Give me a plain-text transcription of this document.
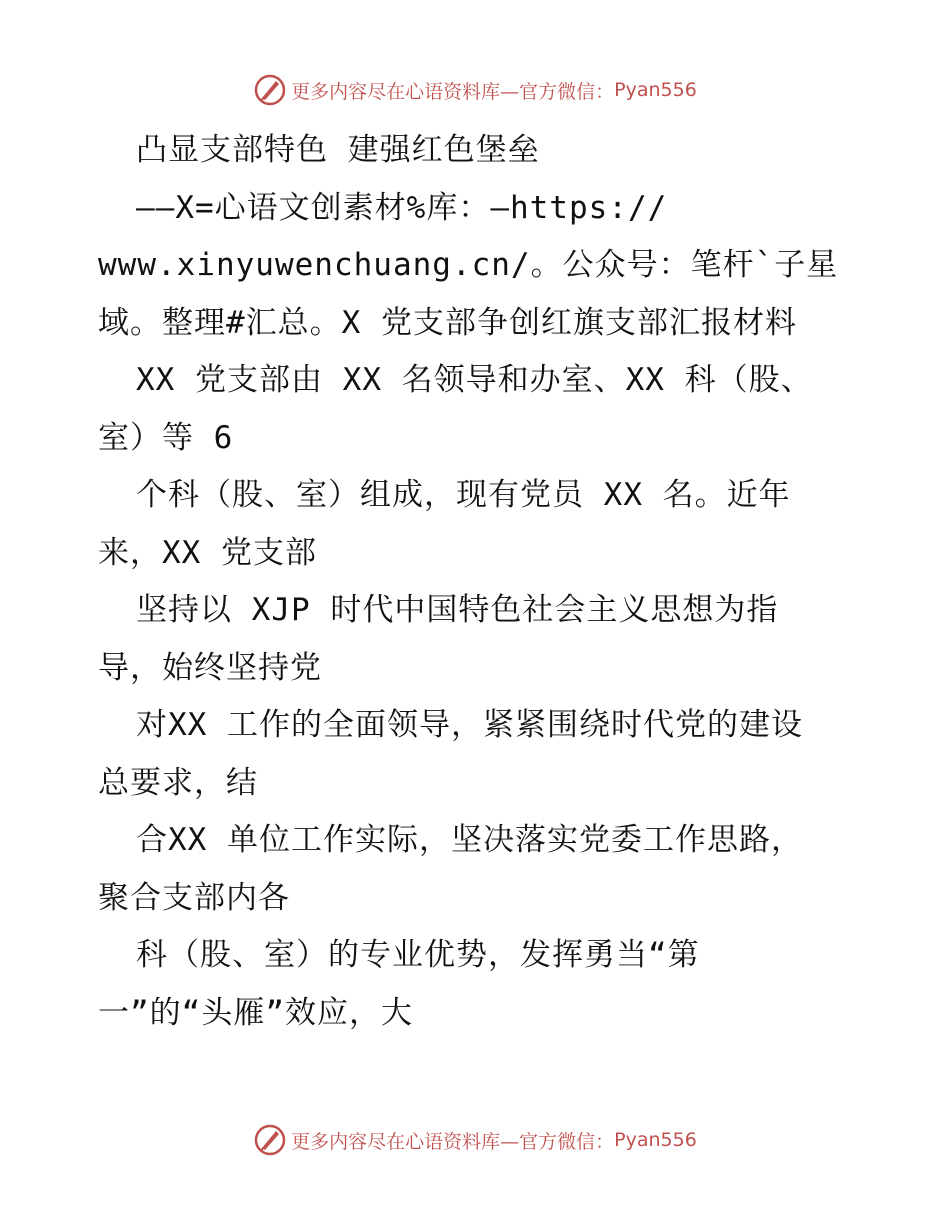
更多内容尽在心语资料库—官方微信： Pyan556
凸显支部特色 建强红色堡垒
——X=心语文创素材%库：—https://
www.xinyuwenchuang.cn/。公众号：笔杆`子星
域。整理#汇总。X 党支部争创红旗支部汇报材料
XX 党支部由 XX 名领导和办室、XX 科（股、
室）等 6
个科（股、室）组成，现有党员 XX 名。近年
来，XX 党支部
坚持以 XJP 时代中国特色社会主义思想为指
导，始终坚持党
对XX 工作的全面领导，紧紧围绕时代党的建设
总要求，结
合XX 单位工作实际，坚决落实党委工作思路，
聚合支部内各
科（股、室）的专业优势，发挥勇当“第
一”的“头雁”效应，大
更多内容尽在心语资料库—官方微信： Pyan556
